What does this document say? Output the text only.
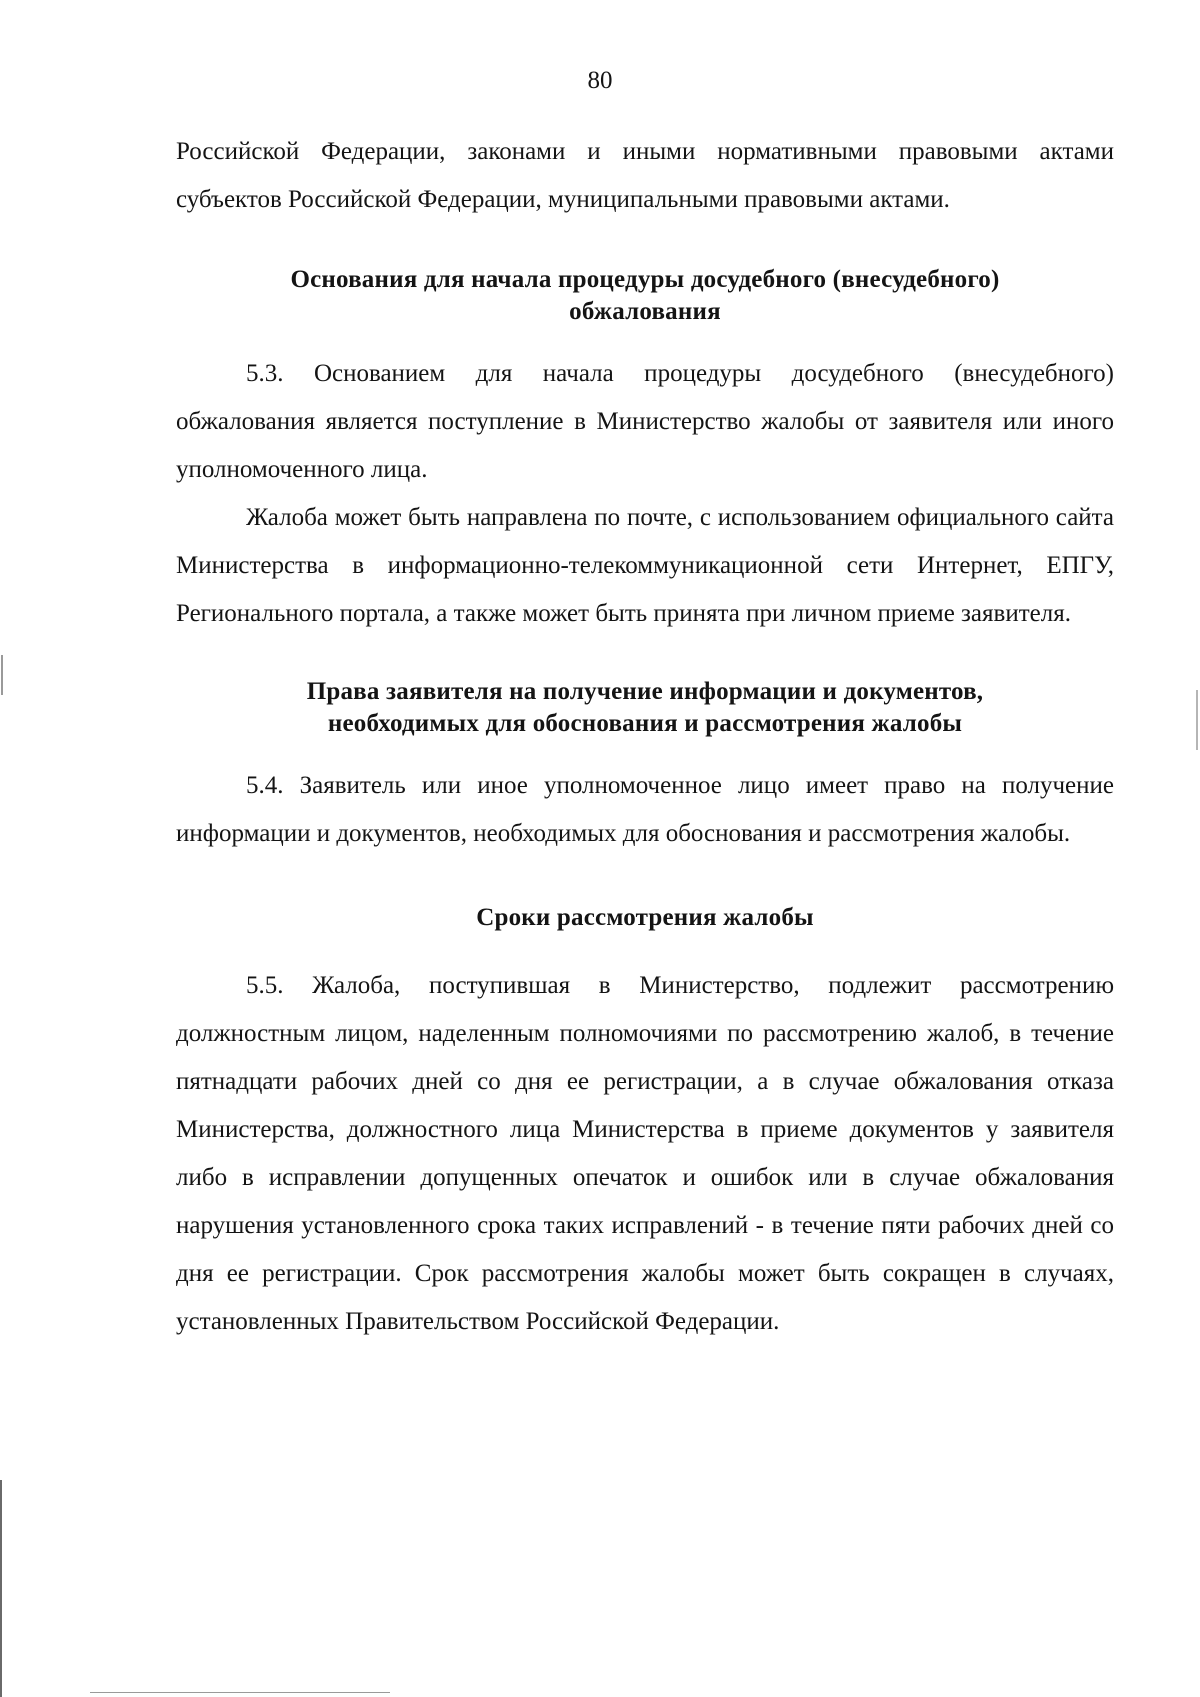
80

Российской Федерации, законами и иными нормативными правовыми актами субъектов Российской Федерации, муниципальными правовыми актами.

Основания для начала процедуры досудебного (внесудебного)
обжалования

5.3. Основанием для начала процедуры досудебного (внесудебного) обжалования является поступление в Министерство жалобы от заявителя или иного уполномоченного лица.

Жалоба может быть направлена по почте, с использованием официального сайта Министерства в информационно-телекоммуникационной сети Интернет, ЕПГУ, Регионального портала, а также может быть принята при личном приеме заявителя.

Права заявителя на получение информации и документов,
необходимых для обоснования и рассмотрения жалобы

5.4. Заявитель или иное уполномоченное лицо имеет право на получение информации и документов, необходимых для обоснования и рассмотрения жалобы.

Сроки рассмотрения жалобы

5.5. Жалоба, поступившая в Министерство, подлежит рассмотрению должностным лицом, наделенным полномочиями по рассмотрению жалоб, в течение пятнадцати рабочих дней со дня ее регистрации, а в случае обжалования отказа Министерства, должностного лица Министерства в приеме документов у заявителя либо в исправлении допущенных опечаток и ошибок или в случае обжалования нарушения установленного срока таких исправлений - в течение пяти рабочих дней со дня ее регистрации. Срок рассмотрения жалобы может быть сокращен в случаях, установленных Правительством Российской Федерации.
